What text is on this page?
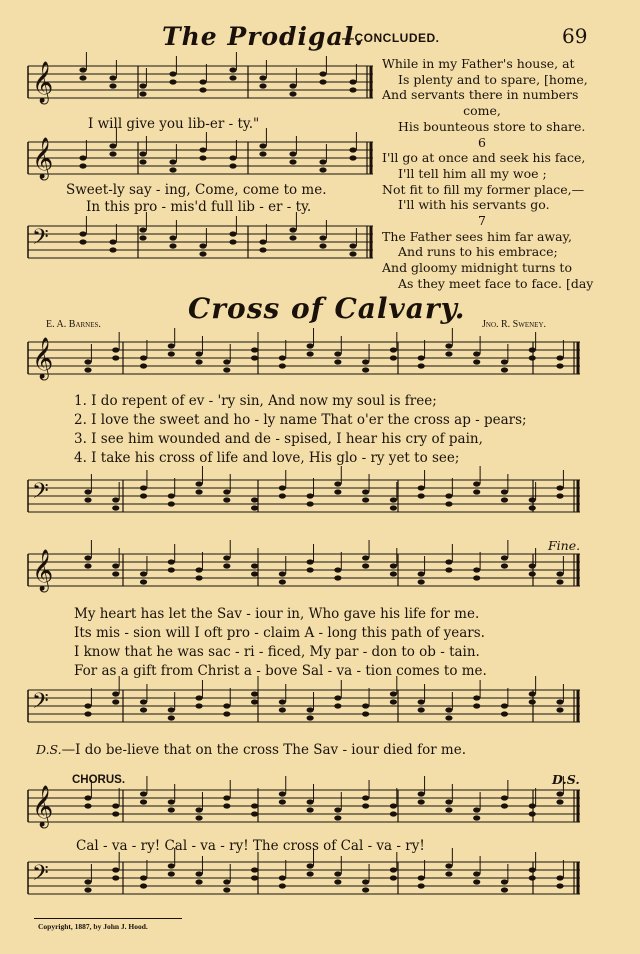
The Prodigal.
—CONCLUDED.	69
𝄞
𝄞
𝄢
I will give you lib-er - ty."
Sweet-ly say - ing, Come, come to me.
In this pro - mis'd full lib - er - ty.
While in my Father's house, at
Is plenty and to spare, [home,
And servants there in numbers
come,
His bounteous store to share.
6
I'll go at once and seek his face,
I'll tell him all my woe ;
Not fit to fill my former place,—
I'll with his servants go.
7
The Father sees him far away,
And runs to his embrace;
And gloomy midnight turns to
As they meet face to face. [day
Cross of Calvary.
E. A. Barnes.	Jno. R. Sweney.
𝄞
1. I do repent of ev - 'ry sin, And now my soul is free;
2. I love the sweet and ho - ly name That o'er the cross ap - pears;
3. I see him wounded and de - spised, I hear his cry of pain,
4. I take his cross of life and love, His glo - ry yet to see;
𝄢
𝄞
Fine.
My heart has let the Sav - iour in, Who gave his life for me.
Its mis - sion will I oft pro - claim A - long this path of years.
I know that he was sac - ri - ficed, My par - don to ob - tain.
For as a gift from Christ a - bove Sal - va - tion comes to me.
𝄢
D.S.—I do be-lieve that on the cross The Sav - iour died for me.
CHORUS.	D.S.
𝄞
Cal - va - ry! Cal - va - ry! The cross of Cal - va - ry!
𝄢
Copyright, 1887, by John J. Hood.
